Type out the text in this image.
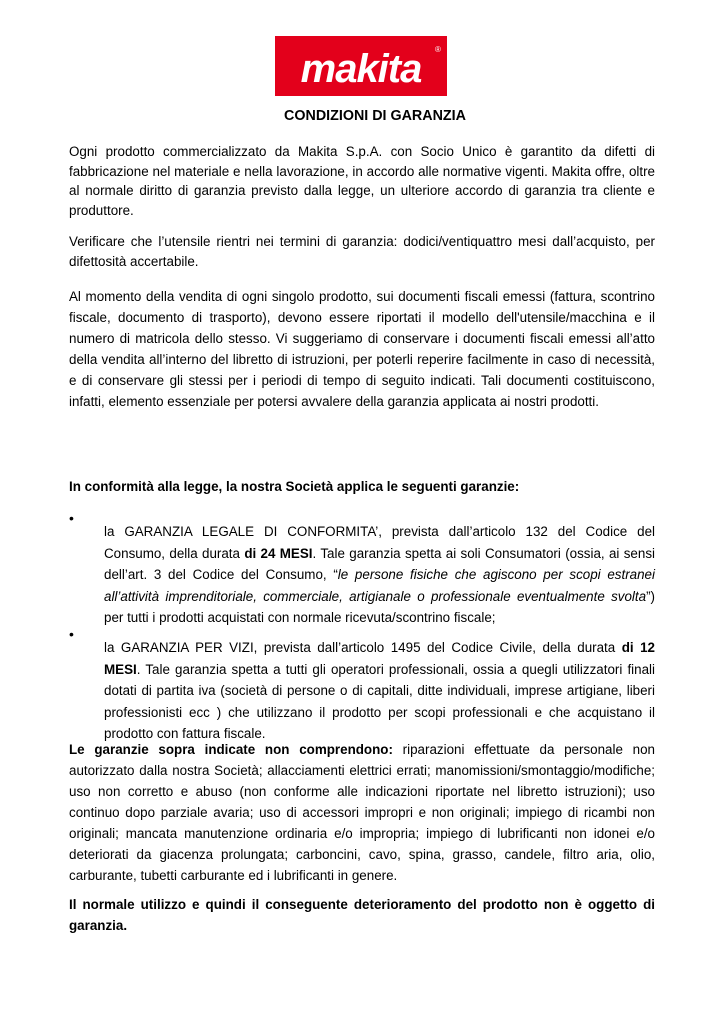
makita ®
CONDIZIONI DI GARANZIA

Ogni prodotto commercializzato da Makita S.p.A. con Socio Unico è garantito da difetti di fabbricazione nel materiale e nella lavorazione, in accordo alle normative vigenti. Makita offre, oltre al normale diritto di garanzia previsto dalla legge, un ulteriore accordo di garanzia tra cliente e produttore.

Verificare che l’utensile rientri nei termini di garanzia: dodici/ventiquattro mesi dall’acquisto, per difettosità accertabile.

Al momento della vendita di ogni singolo prodotto, sui documenti fiscali emessi (fattura, scontrino fiscale, documento di trasporto), devono essere riportati il modello dell'utensile/macchina e il numero di matricola dello stesso. Vi suggeriamo di conservare i documenti fiscali emessi all’atto della vendita all’interno del libretto di istruzioni, per poterli reperire facilmente in caso di necessità, e di conservare gli stessi per i periodi di tempo di seguito indicati. Tali documenti costituiscono, infatti, elemento essenziale per potersi avvalere della garanzia applicata ai nostri prodotti.

In conformità alla legge, la nostra Società applica le seguenti garanzie:

•

la GARANZIA LEGALE DI CONFORMITA’, prevista dall’articolo 132 del Codice del Consumo, della durata di 24 MESI. Tale garanzia spetta ai soli Consumatori (ossia, ai sensi dell’art. 3 del Codice del Consumo, “le persone fisiche che agiscono per scopi estranei all’attività imprenditoriale, commerciale, artigianale o professionale eventualmente svolta”) per tutti i prodotti acquistati con normale ricevuta/scontrino fiscale;

•

la GARANZIA PER VIZI, prevista dall’articolo 1495 del Codice Civile, della durata di 12 MESI. Tale garanzia spetta a tutti gli operatori professionali, ossia a quegli utilizzatori finali dotati di partita iva (società di persone o di capitali, ditte individuali, imprese artigiane, liberi professionisti ecc ) che utilizzano il prodotto per scopi professionali e che acquistano il prodotto con fattura fiscale.

Le garanzie sopra indicate non comprendono: riparazioni effettuate da personale non autorizzato dalla nostra Società; allacciamenti elettrici errati; manomissioni/smontaggio/modifiche; uso non corretto e abuso (non conforme alle indicazioni riportate nel libretto istruzioni); uso continuo dopo parziale avaria; uso di accessori impropri e non originali; impiego di ricambi non originali; mancata manutenzione ordinaria e/o impropria; impiego di lubrificanti non idonei e/o deteriorati da giacenza prolungata; carboncini, cavo, spina, grasso, candele, filtro aria, olio, carburante, tubetti carburante ed i lubrificanti in genere.

Il normale utilizzo e quindi il conseguente deterioramento del prodotto non è oggetto di garanzia.
